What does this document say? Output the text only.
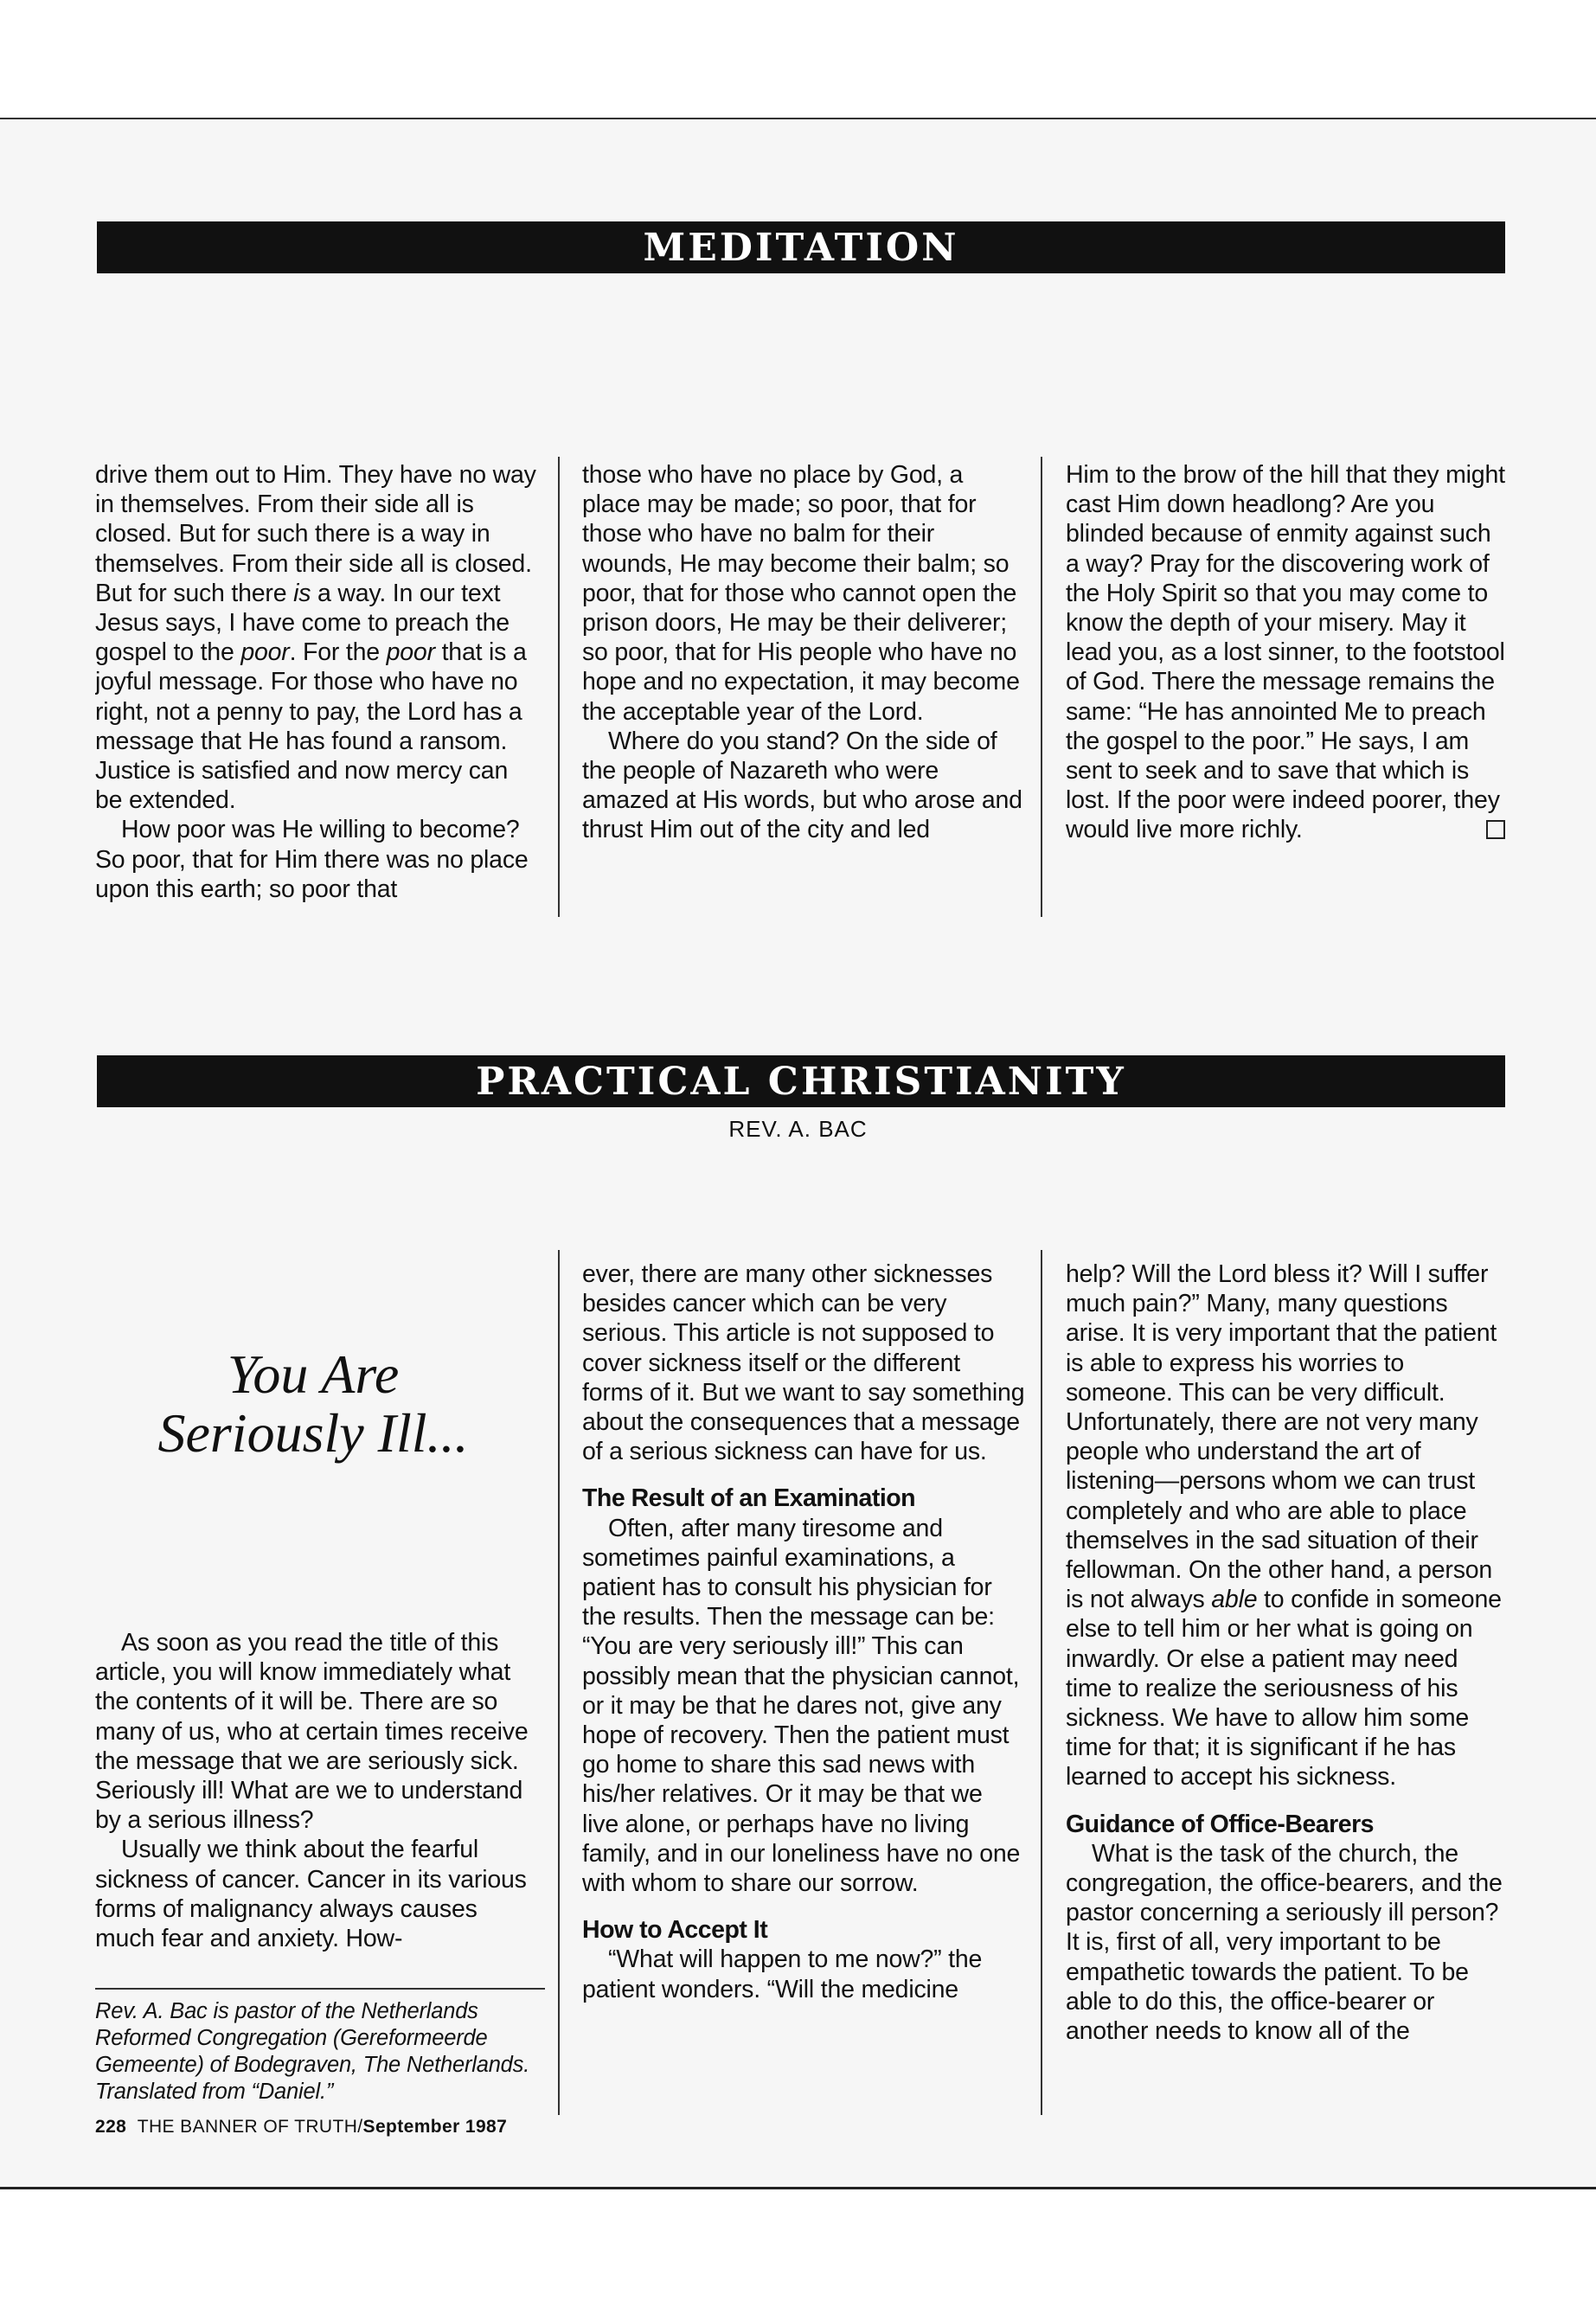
MEDITATION

drive them out to Him. They have no way in themselves. From their side all is closed. But for such there is a way in themselves. From their side all is closed. But for such there is a way. In our text Jesus says, I have come to preach the gospel to the poor. For the poor that is a joyful message. For those who have no right, not a penny to pay, the Lord has a message that He has found a ransom. Justice is satisfied and now mercy can be extended.

How poor was He willing to become? So poor, that for Him there was no place upon this earth; so poor that

those who have no place by God, a place may be made; so poor, that for those who have no balm for their wounds, He may become their balm; so poor, that for those who cannot open the prison doors, He may be their deliverer; so poor, that for His people who have no hope and no expectation, it may become the acceptable year of the Lord.

Where do you stand? On the side of the people of Nazareth who were amazed at His words, but who arose and thrust Him out of the city and led

Him to the brow of the hill that they might cast Him down headlong? Are you blinded because of enmity against such a way? Pray for the discovering work of the Holy Spirit so that you may come to know the depth of your misery. May it lead you, as a lost sinner, to the footstool of God. There the message remains the same: “He has annointed Me to preach the gospel to the poor.” He says, I am sent to seek and to save that which is lost. If the poor were indeed poorer, they would live more richly.

PRACTICAL CHRISTIANITY
REV. A. BAC
You Are
Seriously Ill...

As soon as you read the title of this article, you will know immediately what the contents of it will be. There are so many of us, who at certain times receive the message that we are seriously sick. Seriously ill! What are we to understand by a serious illness?

Usually we think about the fearful sickness of cancer. Cancer in its various forms of malignancy always causes much fear and anxiety. How-

Rev. A. Bac is pastor of the Netherlands Reformed Congregation (Gereformeerde Gemeente) of Bodegraven, The Netherlands. Translated from “Daniel.”
228 THE BANNER OF TRUTH/September 1987

ever, there are many other sicknesses besides cancer which can be very serious. This article is not supposed to cover sickness itself or the different forms of it. But we want to say something about the consequences that a message of a serious sickness can have for us.

The Result of an Examination

Often, after many tiresome and sometimes painful examinations, a patient has to consult his physician for the results. Then the message can be: “You are very seriously ill!” This can possibly mean that the physician cannot, or it may be that he dares not, give any hope of recovery. Then the patient must go home to share this sad news with his/her relatives. Or it may be that we live alone, or perhaps have no living family, and in our loneliness have no one with whom to share our sorrow.

How to Accept It

“What will happen to me now?” the patient wonders. “Will the medicine

help? Will the Lord bless it? Will I suffer much pain?” Many, many questions arise. It is very important that the patient is able to express his worries to someone. This can be very difficult. Unfortunately, there are not very many people who understand the art of listening—persons whom we can trust completely and who are able to place themselves in the sad situation of their fellowman. On the other hand, a person is not always able to confide in someone else to tell him or her what is going on inwardly. Or else a patient may need time to realize the seriousness of his sickness. We have to allow him some time for that; it is significant if he has learned to accept his sickness.

Guidance of Office-Bearers

What is the task of the church, the congregation, the office-bearers, and the pastor concerning a seriously ill person? It is, first of all, very important to be empathetic towards the patient. To be able to do this, the office-bearer or another needs to know all of the
